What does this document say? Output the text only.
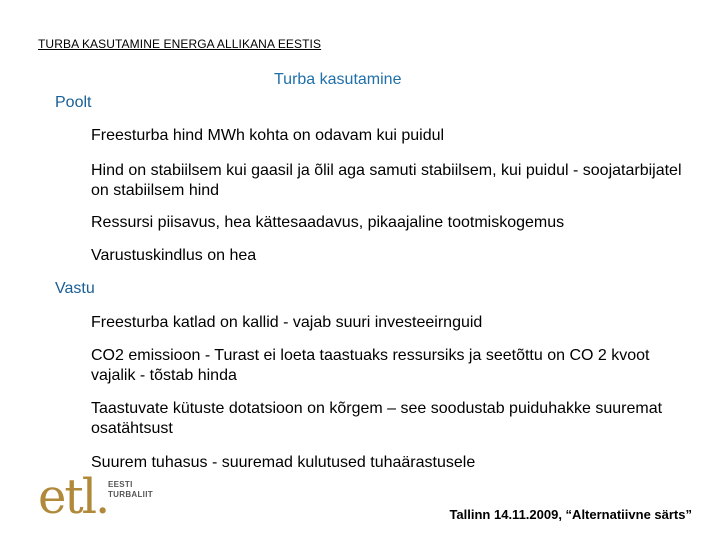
TURBA KASUTAMINE ENERGA ALLIKANA EESTIS
Turba kasutamine
Poolt
Freesturba hind MWh kohta on odavam kui puidul
Hind on stabiilsem kui gaasil ja õlil aga samuti stabiilsem, kui puidul - soojatarbijatel on stabiilsem hind
Ressursi piisavus, hea kättesaadavus, pikaajaline tootmiskogemus
Varustuskindlus on hea
Vastu
Freesturba katlad on kallid - vajab suuri investeeirnguid
CO2 emissioon - Turast ei loeta taastuaks ressursiks ja seetõttu on CO 2 kvoot vajalik - tõstab hinda
Taastuvate kütuste dotatsioon on kõrgem – see soodustab puiduhakke suuremat osatähtsust
Suurem tuhasus - suuremad kulutused tuhaärastusele
etl. EESTI
TURBALIIT
Tallinn 14.11.2009, “Alternatiivne särts”
